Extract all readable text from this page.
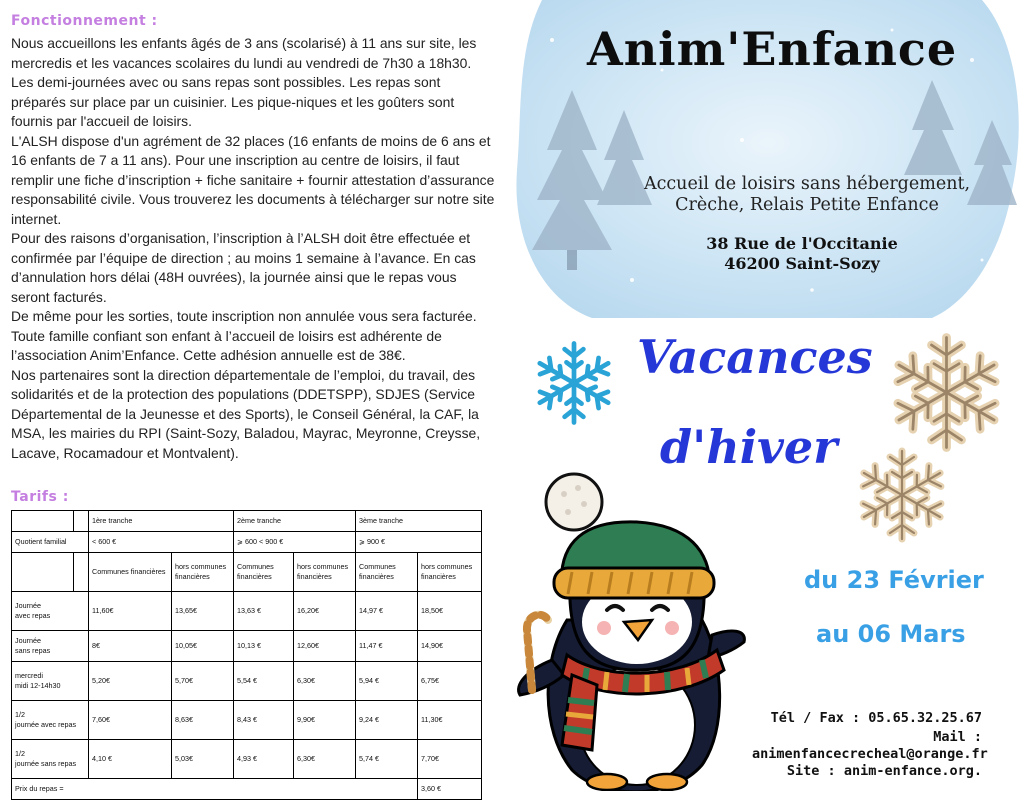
Fonctionnement :

Nous accueillons les enfants âgés de 3 ans (scolarisé) à 11 ans sur site, les mercredis et les vacances scolaires du lundi au vendredi de 7h30 a 18h30.

Les demi-journées avec ou sans repas sont possibles. Les repas sont préparés sur place par un cuisinier. Les pique-niques et les goûters sont fournis par l'accueil de loisirs.

L'ALSH dispose d'un agrément de 32 places (16 enfants de moins de 6 ans et 16 enfants de 7 a 11 ans). Pour une inscription au centre de loisirs, il faut remplir une fiche d’inscription + fiche sanitaire + fournir attestation d’assurance responsabilité civile. Vous trouverez les documents à télécharger sur notre site internet.

Pour des raisons d’organisation, l’inscription à l’ALSH doit être effectuée et confirmée par l’équipe de direction ; au moins 1 semaine à l’avance. En cas d’annulation hors délai (48H ouvrées), la journée ainsi que le repas vous seront facturés.

De même pour les sorties, toute inscription non annulée vous sera facturée.

Toute famille confiant son enfant à l’accueil de loisirs est adhérente de l’association Anim’Enfance. Cette adhésion annuelle est de 38€.

Nos partenaires sont la direction départementale de l’emploi, du travail, des solidarités et de la protection des populations (DDETSPP), SDJES (Service Départemental de la Jeunesse et des Sports), le Conseil Général, la CAF, la MSA, les mairies du RPI (Saint-Sozy, Baladou, Mayrac, Meyronne, Creysse, Lacave, Rocamadour et Montvalent).

Tarifs :
		1ère tranche		2ème tranche		3ème tranche	
Quotient familial		< 600 €		⩾ 600 < 900 €		⩾ 900 €	
		Communes financières	hors communes financières	Communes financières	hors communes financières	Communes financières	hors communes financières
Journée
avec repas		11,60€	13,65€	13,63 €	16,20€	14,97 €	18,50€
Journée
sans repas		8€	10,05€	10,13 €	12,60€	11,47 €	14,90€
mercredi
midi 12-14h30		5,20€	5,70€	5,54 €	6,30€	5,94 €	6,75€
1/2
journée avec repas		7,60€	8,63€	8,43 €	9,90€	9,24 €	11,30€
1/2
journée sans repas		4,10 €	5,03€	4,93 €	6,30€	5,74 €	7,70€
Prix du repas =							3,60 €
Anim'Enfance
Accueil de loisirs sans hébergement,
Crèche, Relais Petite Enfance
38 Rue de l'Occitanie
46200 Saint-Sozy
Vacances
d'hiver
du 23 Février
au 06 Mars
Tél / Fax : 05.65.32.25.67
Mail :
animenfancecrecheal@orange.fr
Site : anim-enfance.org.
